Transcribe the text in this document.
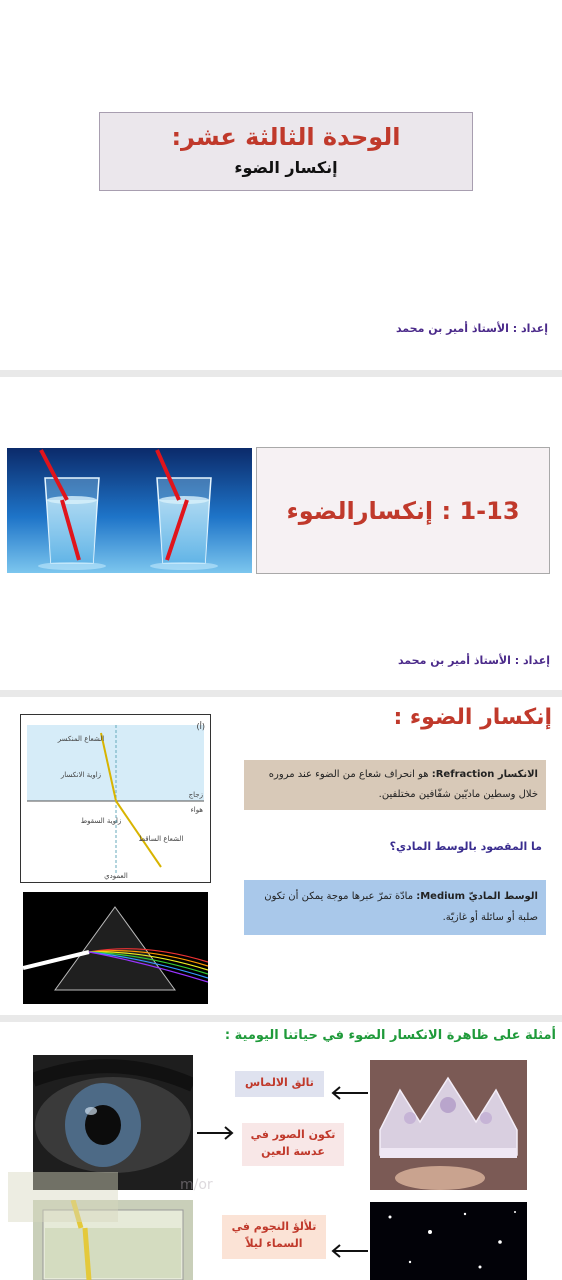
الوحدة الثالثة عشر:
إنكسار الضوء
إعداد : الأستاذ أمير بن محمد
1-13 : إنكسارالضوء
إعداد : الأستاذ أمير بن محمد
إنكسار الضوء :
(أ)
الشعاع المنكسر
زاوية الانكسار
زجاج
هواء
زاوية السقوط
الشعاع الساقط
العمودي
الانكسار Refraction: هو انحراف شعاع من الضوء عند مروره خلال وسطين ماديّين شفّافين مختلفين.
ما المقصود بالوسط المادي؟
الوسط الماديّ Medium: مادّة تمرّ عبرها موجة يمكن أن تكون صلبة أو سائلة أو غازيّة.
أمثلة على ظاهرة الانكسار الضوء في حياتنا اليومية :
تالق الالماس
تكون الصور في عدسة العين
تلألؤ النجوم في السماء ليلاً
m/or
